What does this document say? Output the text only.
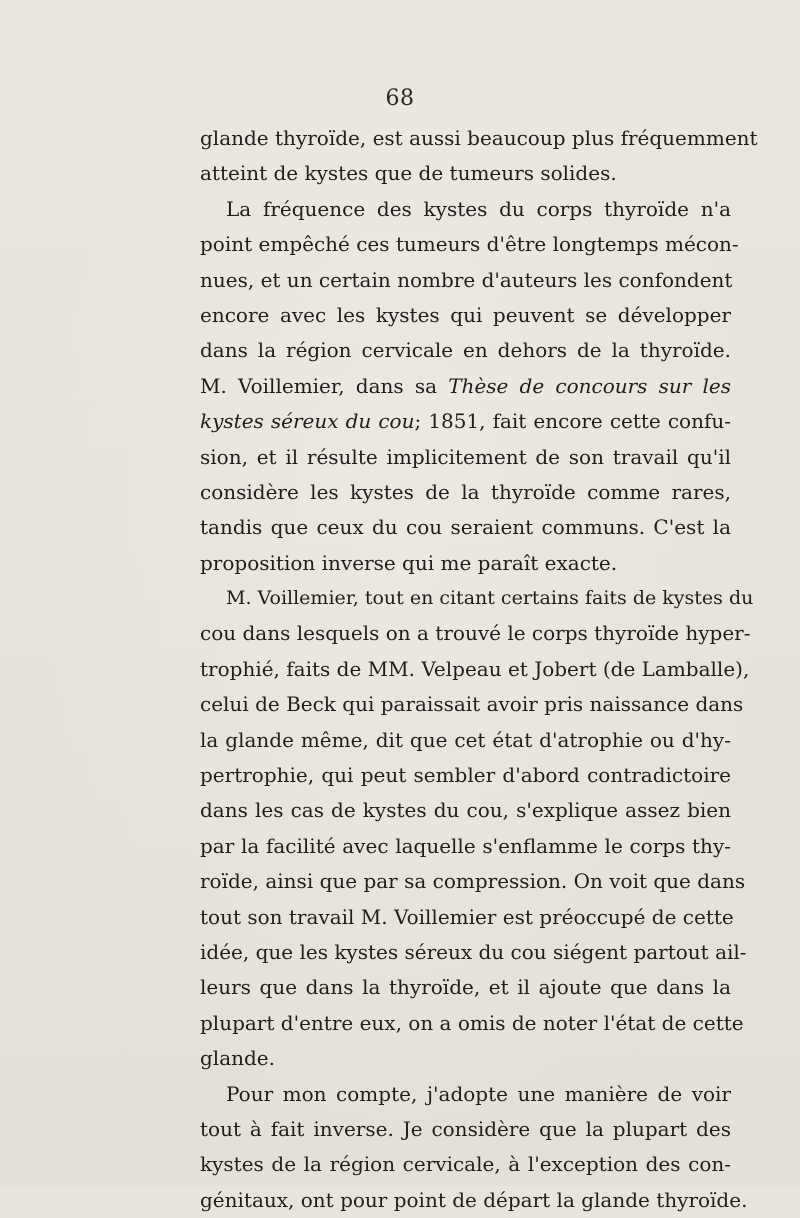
68
glande thyroïde, est aussi beaucoup plus fréquemment
atteint de kystes que de tumeurs solides.
La fréquence des kystes du corps thyroïde n'a
point empêché ces tumeurs d'être longtemps mécon-
nues, et un certain nombre d'auteurs les confondent
encore avec les kystes qui peuvent se développer
dans la région cervicale en dehors de la thyroïde.
M. Voillemier, dans sa Thèse de concours sur les
kystes séreux du cou; 1851, fait encore cette confu-
sion, et il résulte implicitement de son travail qu'il
considère les kystes de la thyroïde comme rares,
tandis que ceux du cou seraient communs. C'est la
proposition inverse qui me paraît exacte.
M. Voillemier, tout en citant certains faits de kystes du
cou dans lesquels on a trouvé le corps thyroïde hyper-
trophié, faits de MM. Velpeau et Jobert (de Lamballe),
celui de Beck qui paraissait avoir pris naissance dans
la glande même, dit que cet état d'atrophie ou d'hy-
pertrophie, qui peut sembler d'abord contradictoire
dans les cas de kystes du cou, s'explique assez bien
par la facilité avec laquelle s'enflamme le corps thy-
roïde, ainsi que par sa compression. On voit que dans
tout son travail M. Voillemier est préoccupé de cette
idée, que les kystes séreux du cou siégent partout ail-
leurs que dans la thyroïde, et il ajoute que dans la
plupart d'entre eux, on a omis de noter l'état de cette
glande.
Pour mon compte, j'adopte une manière de voir
tout à fait inverse. Je considère que la plupart des
kystes de la région cervicale, à l'exception des con-
génitaux, ont pour point de départ la glande thyroïde.
